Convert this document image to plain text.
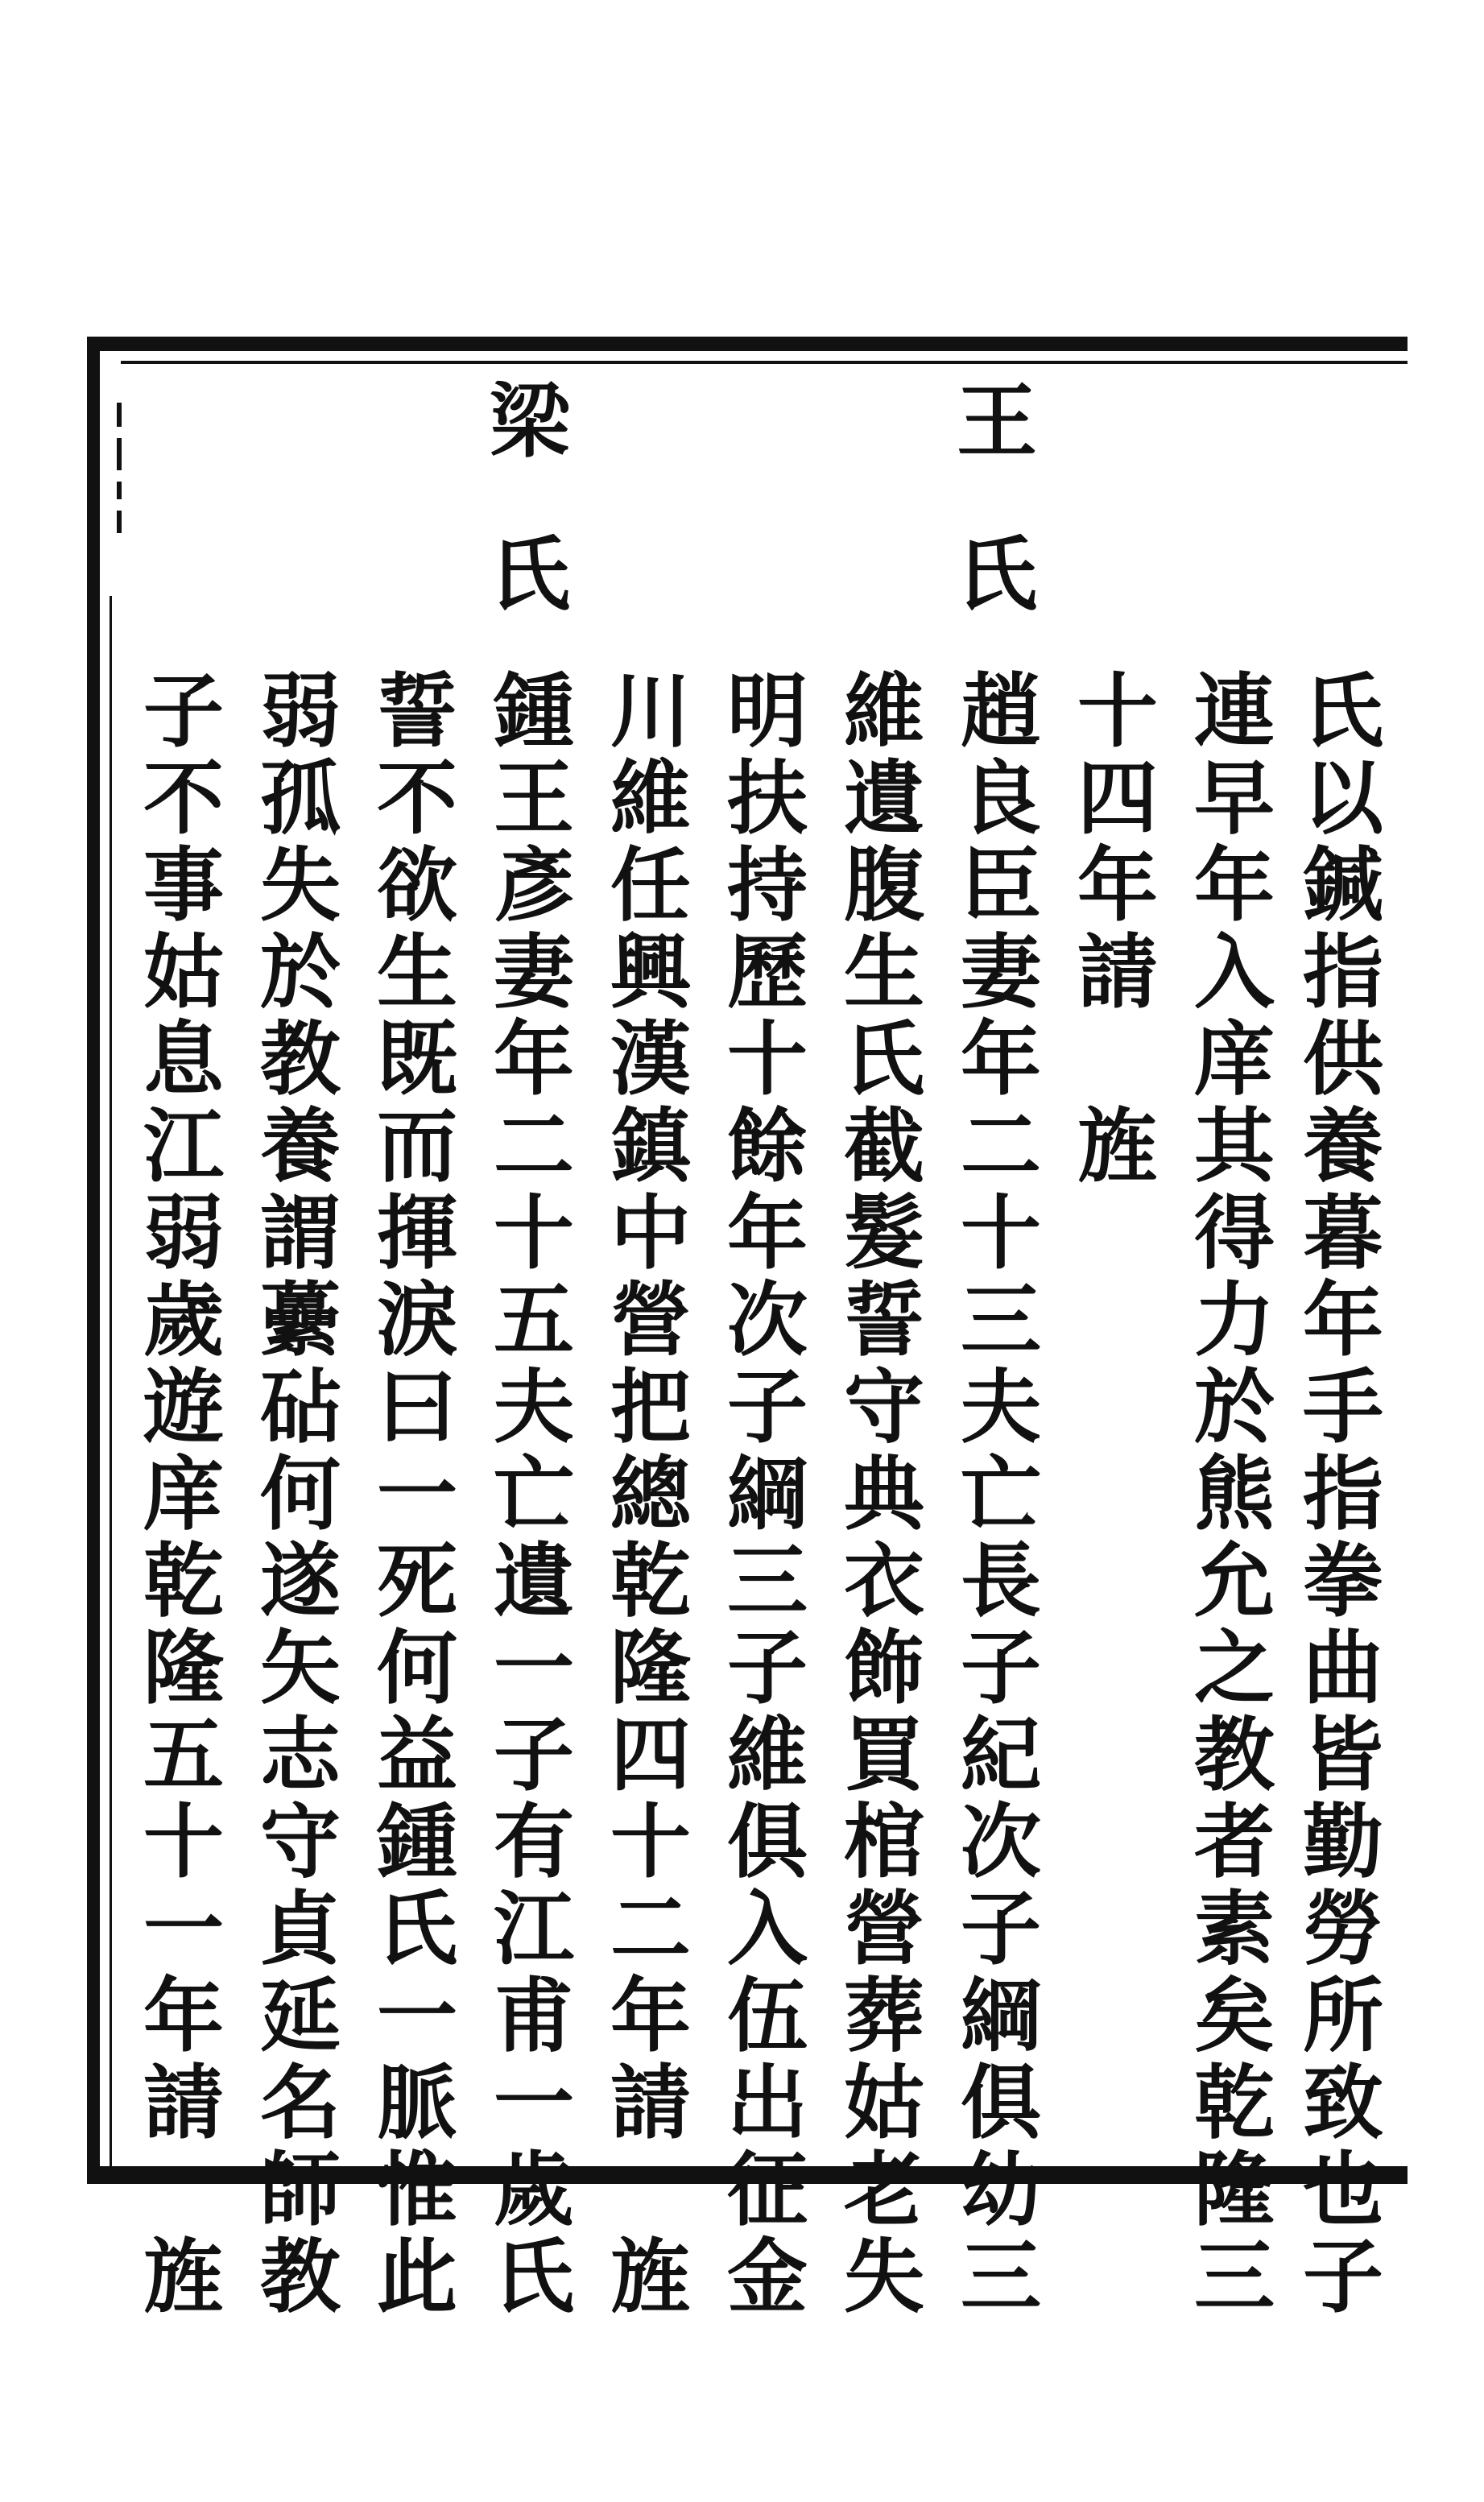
王氏
梁氏
氏以鍼指供養暮年手指拳曲皆勤勞所致也子
連早年入庠其得力於熊允之教者素矣乾隆三
十四年請　旌
趙良臣妻年二十三夫亡長子紀次子綱俱幼三
維遺腹生氏截髮誓守典衣飾買棺營葬姑老失
明扶持歷十餘年次子綱三子維俱入伍出征金
川維任興漢鎮中營把總乾隆四十二年請　旌
鍾王彥妻年二十五夫亡遺一子有江甫一歲氏
誓不欲生既而揮淚曰一死何益鍾氏一脈惟此
弱孤失於教養謂虆砧何遂矢志守貞延名師教
子不事姑息江弱歲遊庠乾隆五十一年請　旌
